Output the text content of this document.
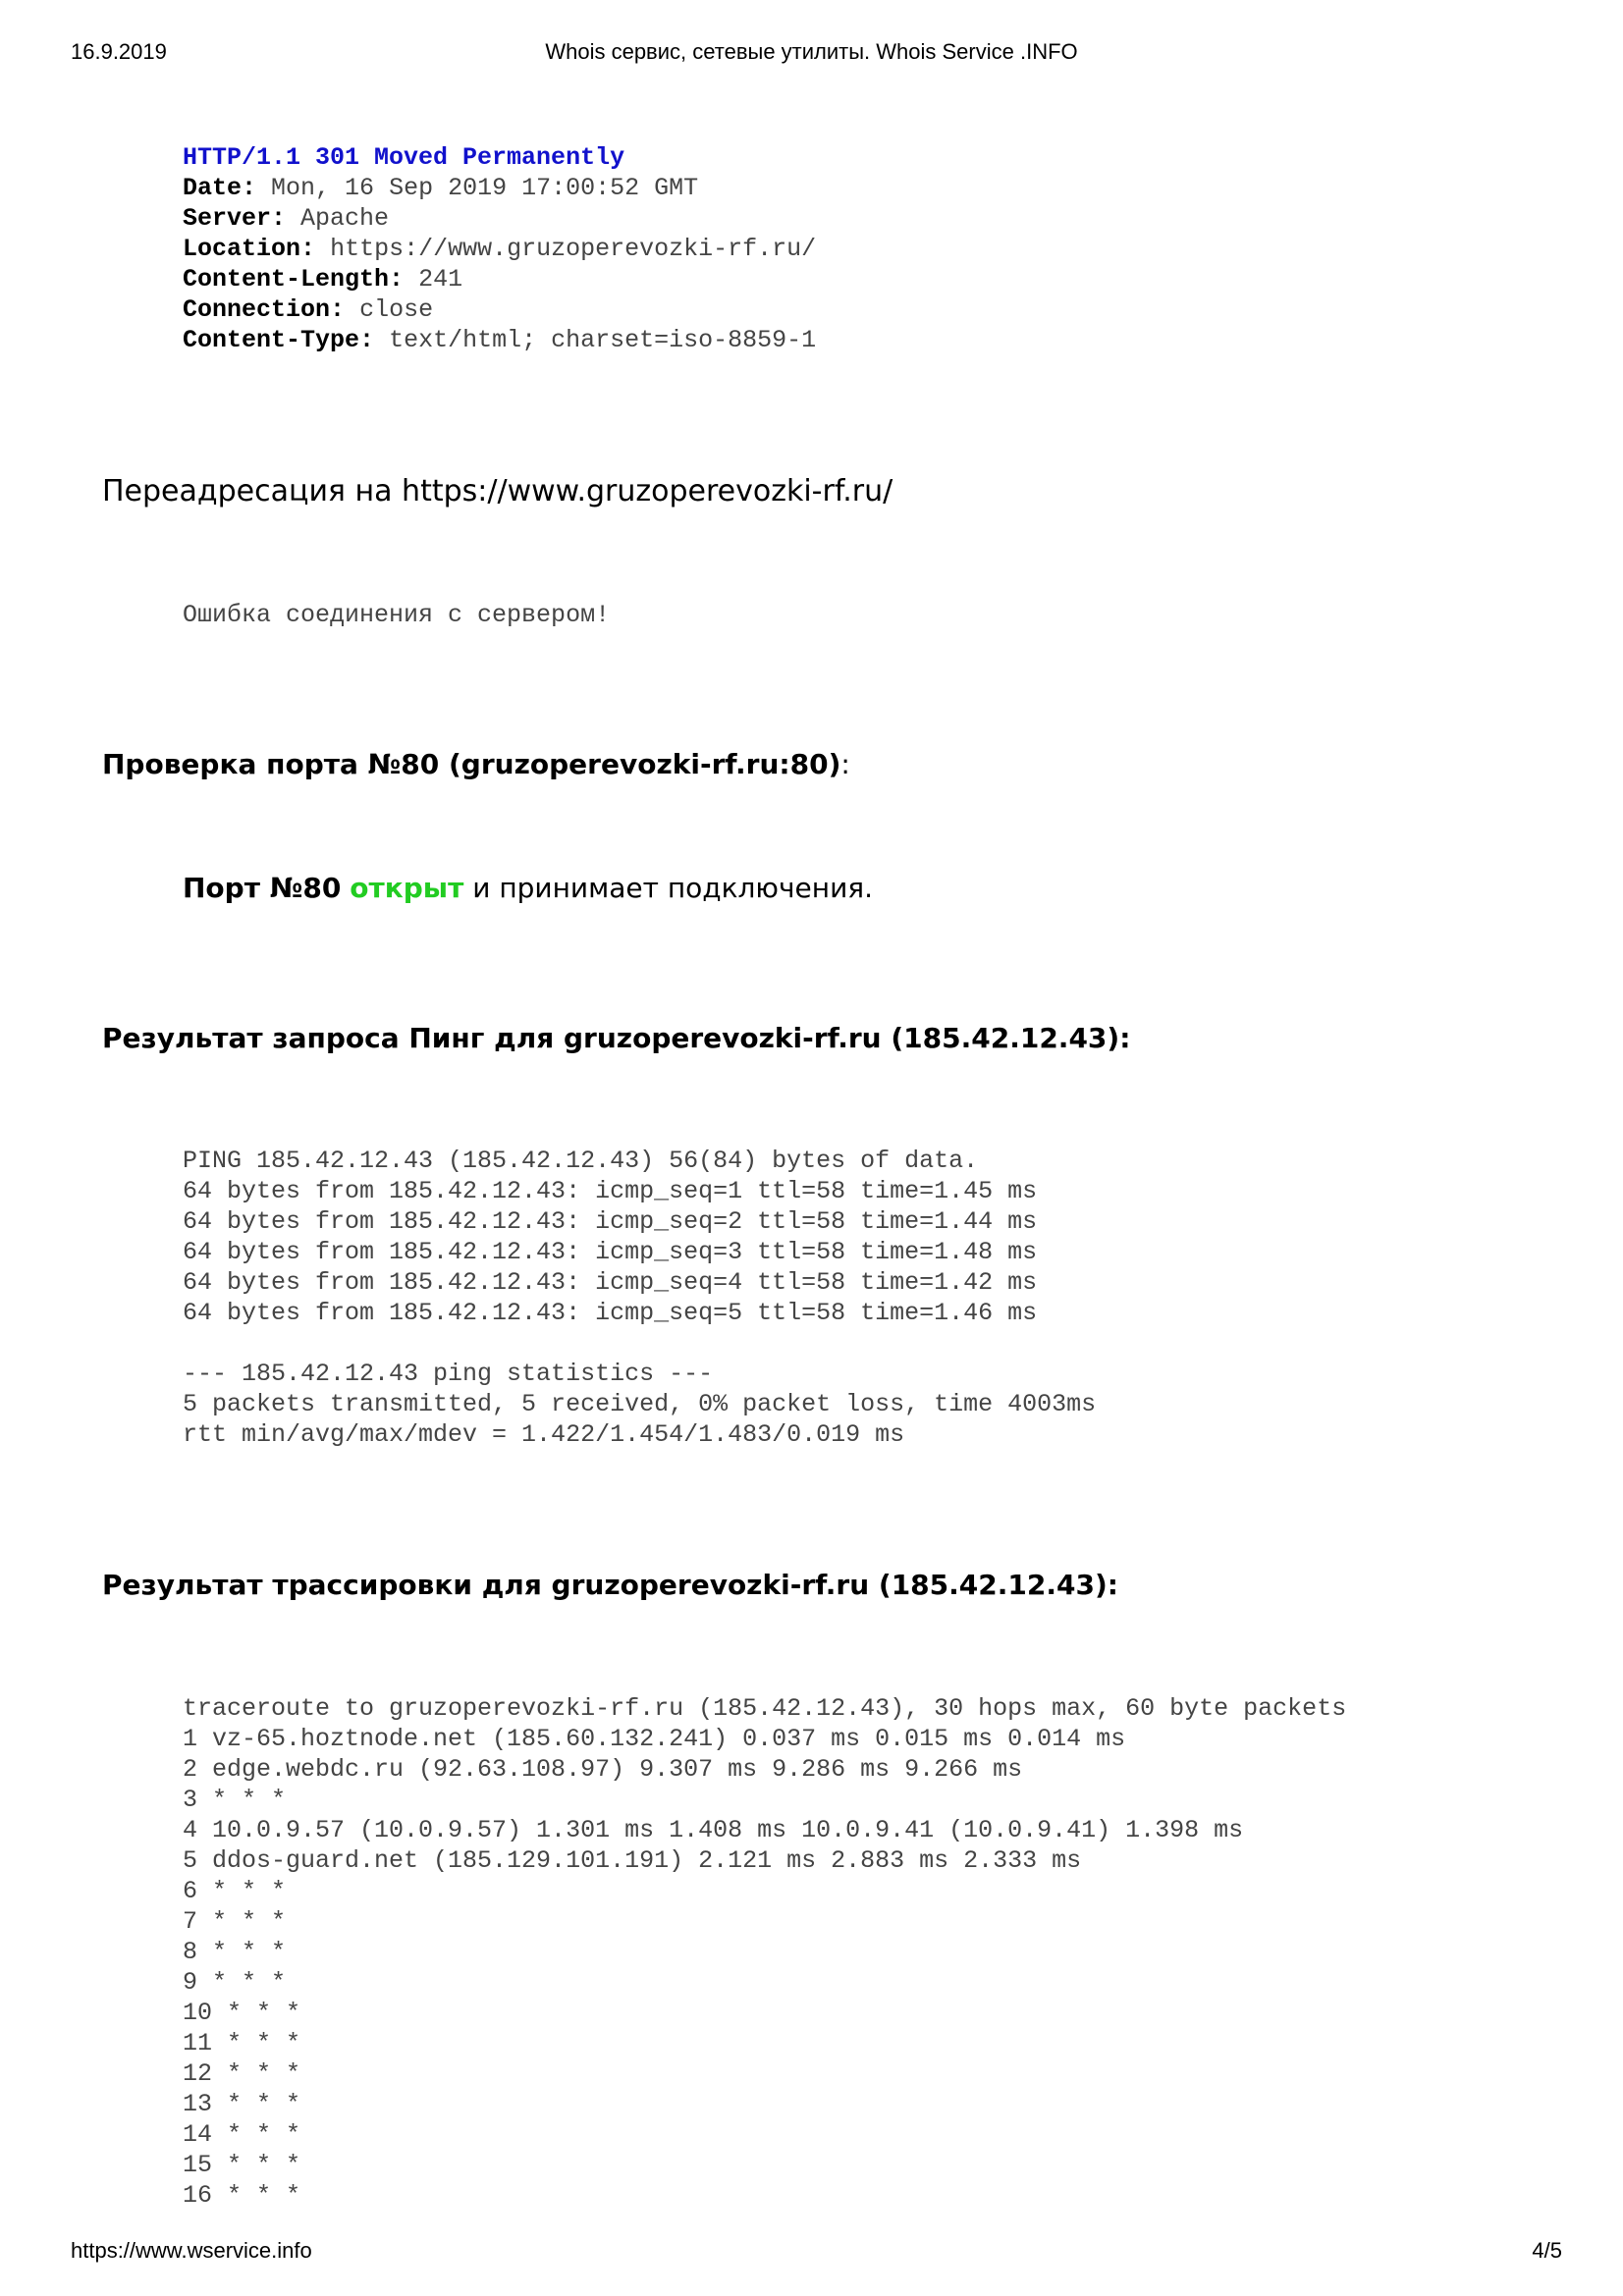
16.9.2019	Whois сервис, сетевые утилиты. Whois Service .INFO
HTTP/1.1 301 Moved Permanently
Date: Mon, 16 Sep 2019 17:00:52 GMT
Server: Apache
Location: https://www.gruzoperevozki-rf.ru/
Content-Length: 241
Connection: close
Content-Type: text/html; charset=iso-8859-1
Переадресация на https://www.gruzoperevozki-rf.ru/
Ошибка соединения с сервером!
Проверка порта №80 (gruzoperevozki-rf.ru:80):
Порт №80 открыт и принимает подключения.
Результат запроса Пинг для gruzoperevozki-rf.ru (185.42.12.43):
PING 185.42.12.43 (185.42.12.43) 56(84) bytes of data.
64 bytes from 185.42.12.43: icmp_seq=1 ttl=58 time=1.45 ms
64 bytes from 185.42.12.43: icmp_seq=2 ttl=58 time=1.44 ms
64 bytes from 185.42.12.43: icmp_seq=3 ttl=58 time=1.48 ms
64 bytes from 185.42.12.43: icmp_seq=4 ttl=58 time=1.42 ms
64 bytes from 185.42.12.43: icmp_seq=5 ttl=58 time=1.46 ms
--- 185.42.12.43 ping statistics ---
5 packets transmitted, 5 received, 0% packet loss, time 4003ms
rtt min/avg/max/mdev = 1.422/1.454/1.483/0.019 ms
Результат трассировки для gruzoperevozki-rf.ru (185.42.12.43):
traceroute to gruzoperevozki-rf.ru (185.42.12.43), 30 hops max, 60 byte packets
1 vz-65.hoztnode.net (185.60.132.241) 0.037 ms 0.015 ms 0.014 ms
2 edge.webdc.ru (92.63.108.97) 9.307 ms 9.286 ms 9.266 ms
3 * * *
4 10.0.9.57 (10.0.9.57) 1.301 ms 1.408 ms 10.0.9.41 (10.0.9.41) 1.398 ms
5 ddos-guard.net (185.129.101.191) 2.121 ms 2.883 ms 2.333 ms
6 * * *
7 * * *
8 * * *
9 * * *
10 * * *
11 * * *
12 * * *
13 * * *
14 * * *
15 * * *
16 * * *
https://www.wservice.info	4/5
